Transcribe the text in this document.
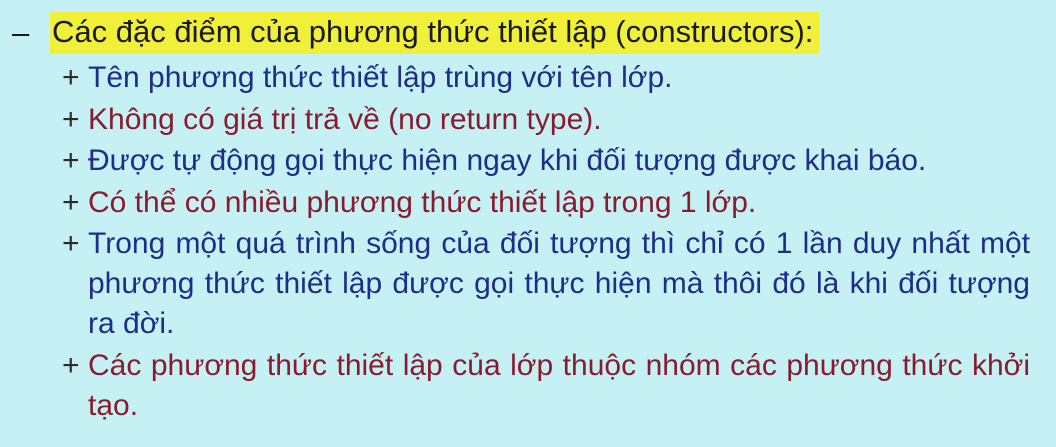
– Các đặc điểm của phương thức thiết lập (constructors):
+ Tên phương thức thiết lập trùng với tên lớp.
+ Không có giá trị trả về (no return type).
+ Được tự động gọi thực hiện ngay khi đối tượng được khai báo.
+ Có thể có nhiều phương thức thiết lập trong 1 lớp.
+ Trong một quá trình sống của đối tượng thì chỉ có 1 lần duy nhất một phương thức thiết lập được gọi thực hiện mà thôi đó là khi đối tượng ra đời.
+ Các phương thức thiết lập của lớp thuộc nhóm các phương thức khởi tạo.
